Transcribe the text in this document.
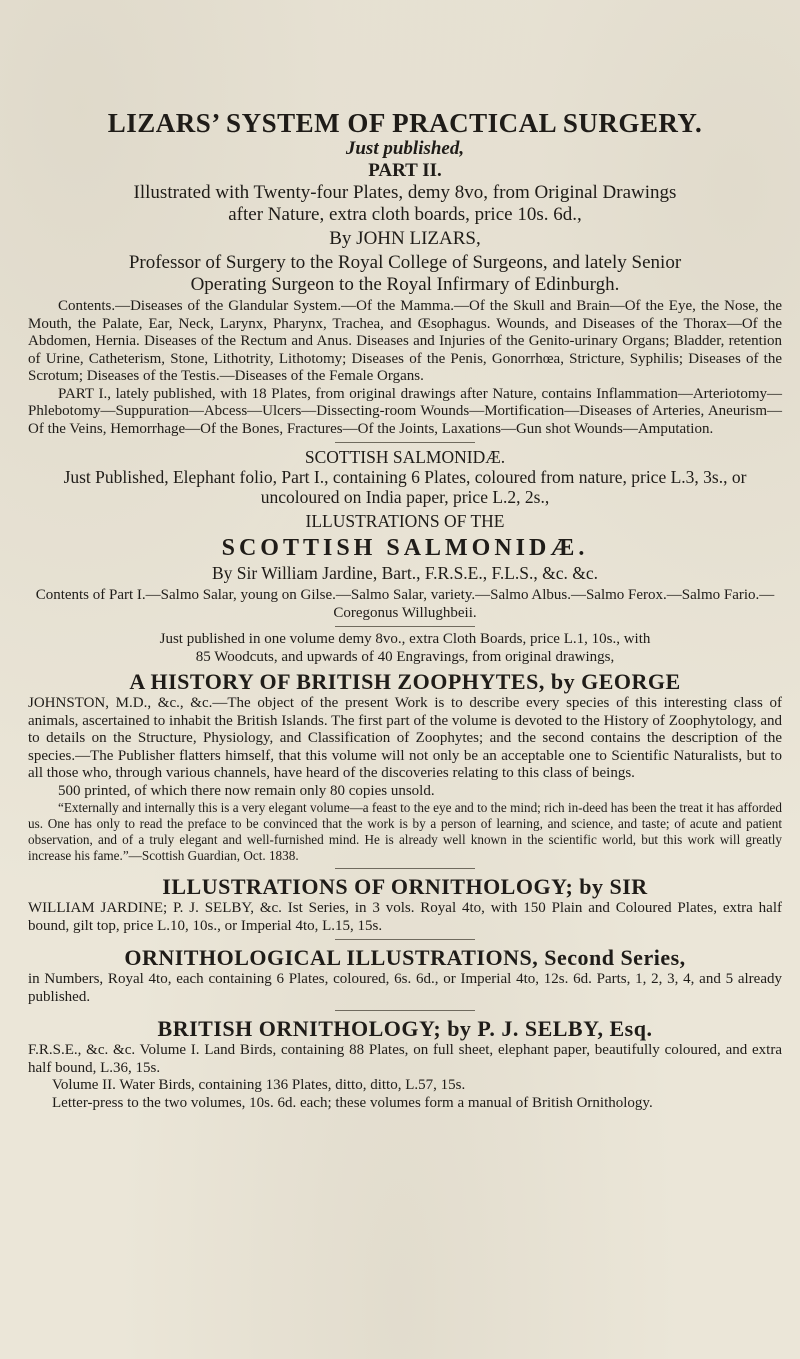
LIZARS’ SYSTEM OF PRACTICAL SURGERY.

Just published,

PART II.

Illustrated with Twenty-four Plates, demy 8vo, from Original Drawings

after Nature, extra cloth boards, price 10s. 6d.,

By JOHN LIZARS,

Professor of Surgery to the Royal College of Surgeons, and lately Senior

Operating Surgeon to the Royal Infirmary of Edinburgh.

Contents.—Diseases of the Glandular System.—Of the Mamma.—Of the Skull and Brain—Of the Eye, the Nose, the Mouth, the Palate, Ear, Neck, Larynx, Pharynx, Trachea, and Œsophagus. Wounds, and Diseases of the Thorax—Of the Abdomen, Hernia. Diseases of the Rectum and Anus. Diseases and Injuries of the Genito-urinary Organs; Bladder, retention of Urine, Catheterism, Stone, Lithotrity, Lithotomy; Diseases of the Penis, Gonorrhœa, Stricture, Syphilis; Diseases of the Scrotum; Diseases of the Testis.—Diseases of the Female Organs.

PART I., lately published, with 18 Plates, from original drawings after Nature, contains Inflammation—Arteriotomy—Phlebotomy—Suppuration—Abcess—Ulcers—Dissecting-room Wounds—Mortification—Diseases of Arteries, Aneurism—Of the Veins, Hemorrhage—Of the Bones, Fractures—Of the Joints, Laxations—Gun shot Wounds—Amputation.

SCOTTISH SALMONIDÆ.

Just Published, Elephant folio, Part I., containing 6 Plates, coloured from nature, price L.3, 3s., or uncoloured on India paper, price L.2, 2s.,

ILLUSTRATIONS OF THE

SCOTTISH SALMONIDÆ.

By Sir William Jardine, Bart., F.R.S.E., F.L.S., &c. &c.

Contents of Part I.—Salmo Salar, young on Gilse.—Salmo Salar, variety.—Salmo Albus.—Salmo Ferox.—Salmo Fario.—Coregonus Willughbeii.

Just published in one volume demy 8vo., extra Cloth Boards, price L.1, 10s., with

85 Woodcuts, and upwards of 40 Engravings, from original drawings,

A HISTORY OF BRITISH ZOOPHYTES, by GEORGE

JOHNSTON, M.D., &c., &c.—The object of the present Work is to describe every species of this interesting class of animals, ascertained to inhabit the British Islands. The first part of the volume is devoted to the History of Zoophytology, and to details on the Structure, Physiology, and Classification of Zoophytes; and the second contains the description of the species.—The Publisher flatters himself, that this volume will not only be an acceptable one to Scientific Naturalists, but to all those who, through various channels, have heard of the discoveries relating to this class of beings.

500 printed, of which there now remain only 80 copies unsold.

“Externally and internally this is a very elegant volume—a feast to the eye and to the mind; rich in-deed has been the treat it has afforded us. One has only to read the preface to be convinced that the work is by a person of learning, and science, and taste; of acute and patient observation, and of a truly elegant and well-furnished mind. He is already well known in the scientific world, but this work will greatly increase his fame.”—Scottish Guardian, Oct. 1838.

ILLUSTRATIONS OF ORNITHOLOGY; by SIR

WILLIAM JARDINE; P. J. SELBY, &c. Ist Series, in 3 vols. Royal 4to, with 150 Plain and Coloured Plates, extra half bound, gilt top, price L.10, 10s., or Imperial 4to, L.15, 15s.

ORNITHOLOGICAL ILLUSTRATIONS, Second Series,

in Numbers, Royal 4to, each containing 6 Plates, coloured, 6s. 6d., or Imperial 4to, 12s. 6d. Parts, 1, 2, 3, 4, and 5 already published.

BRITISH ORNITHOLOGY; by P. J. SELBY, Esq.

F.R.S.E., &c. &c. Volume I. Land Birds, containing 88 Plates, on full sheet, elephant paper, beautifully coloured, and extra half bound, L.36, 15s.

Volume II. Water Birds, containing 136 Plates, ditto, ditto, L.57, 15s.

Letter-press to the two volumes, 10s. 6d. each; these volumes form a manual of British Ornithology.
